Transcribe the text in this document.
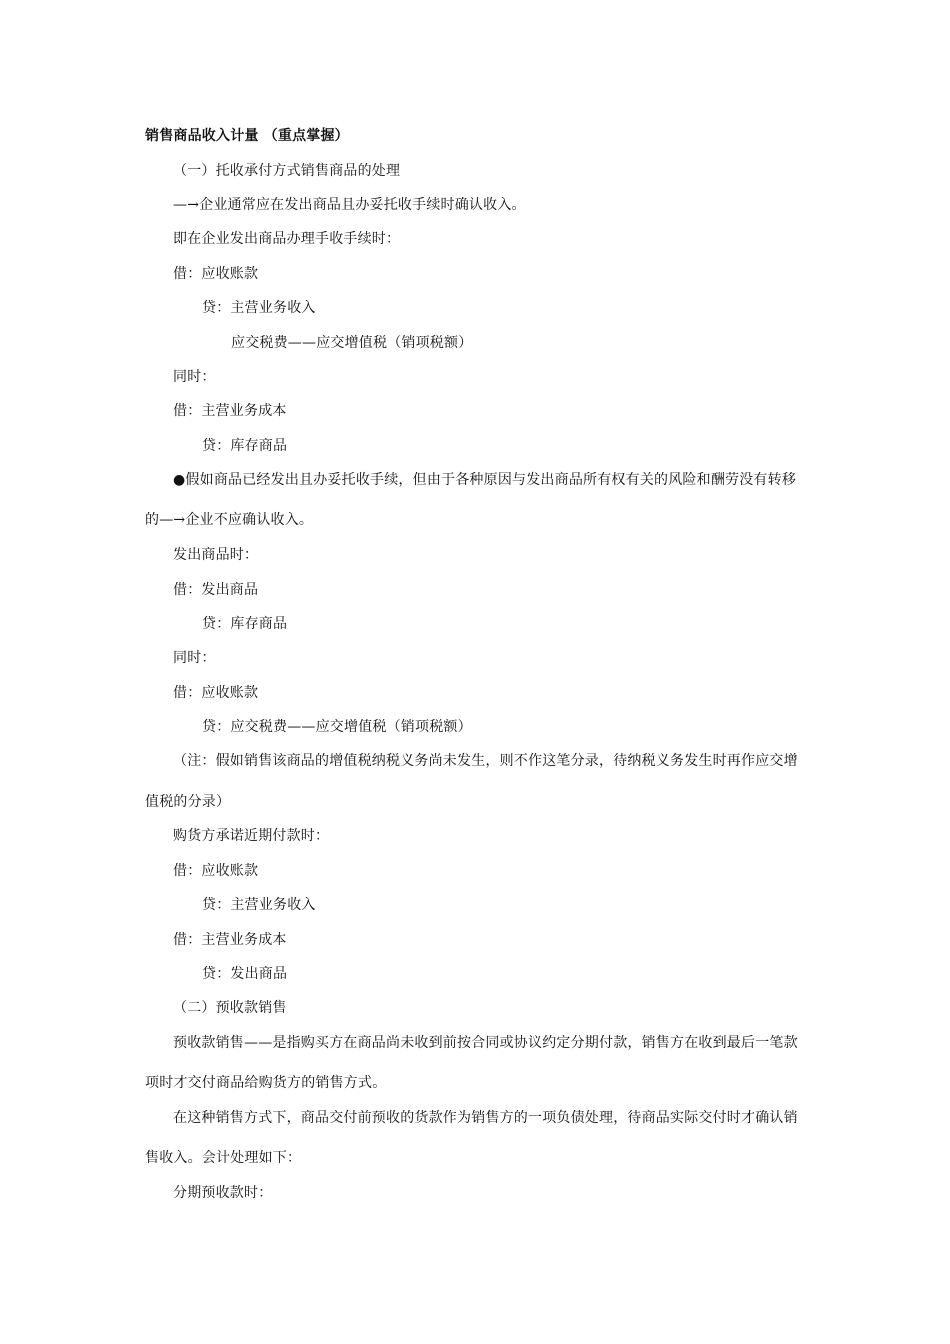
销售商品收入计量 （重点掌握）
（一）托收承付方式销售商品的处理
—→企业通常应在发出商品且办妥托收手续时确认收入。
即在企业发出商品办理手收手续时：
借：应收账款
贷：主营业务收入
应交税费——应交增值税（销项税额）
同时：
借：主营业务成本
贷：库存商品
●假如商品已经发出且办妥托收手续，但由于各种原因与发出商品所有权有关的风险和酬劳没有转移
的—→企业不应确认收入。
发出商品时：
借：发出商品
贷：库存商品
同时：
借：应收账款
贷：应交税费——应交增值税（销项税额）
（注：假如销售该商品的增值税纳税义务尚未发生，则不作这笔分录，待纳税义务发生时再作应交增
值税的分录）
购货方承诺近期付款时：
借：应收账款
贷：主营业务收入
借：主营业务成本
贷：发出商品
（二）预收款销售
预收款销售——是指购买方在商品尚未收到前按合同或协议约定分期付款，销售方在收到最后一笔款
项时才交付商品给购货方的销售方式。
在这种销售方式下，商品交付前预收的货款作为销售方的一项负债处理，待商品实际交付时才确认销
售收入。会计处理如下：
分期预收款时：
